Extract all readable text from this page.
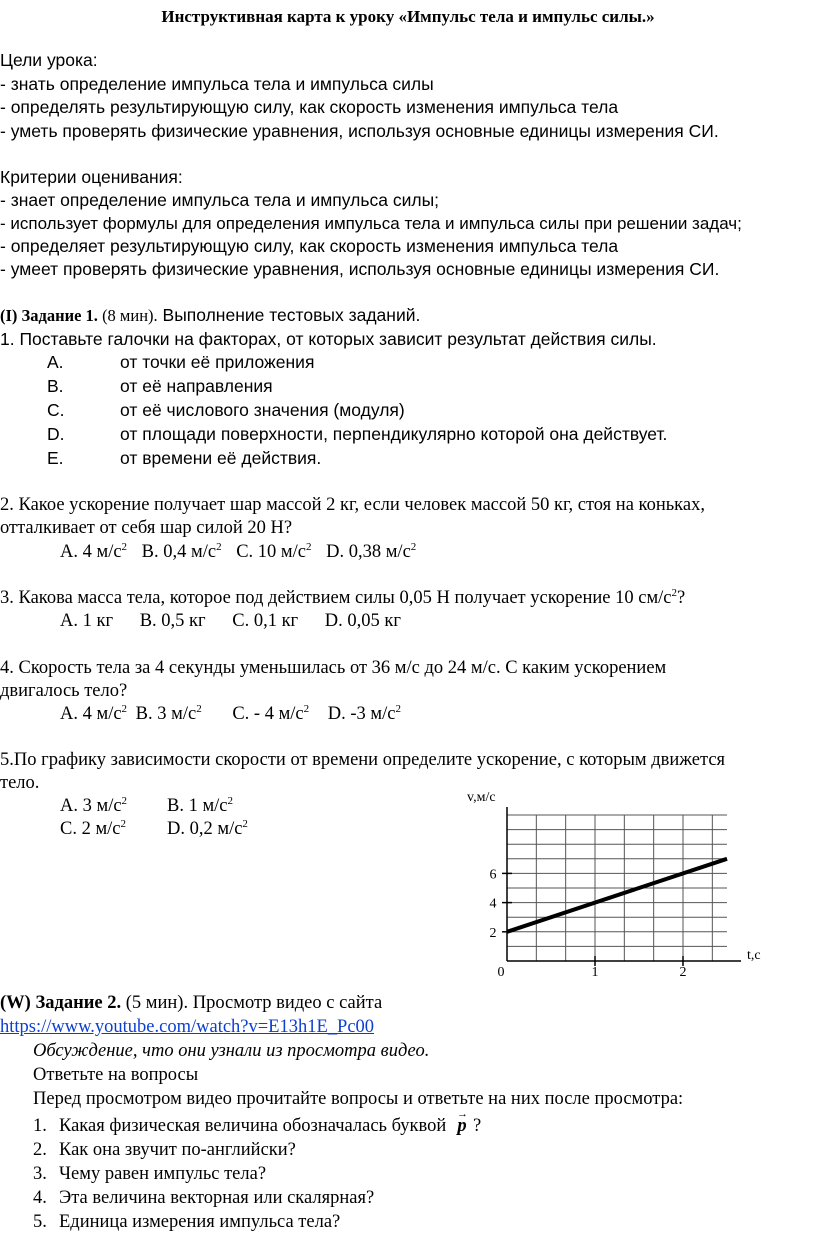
Инструктивная карта к уроку «Импульс тела и импульс силы.»
Цели урока:
- знать определение импульса тела и импульса силы
- определять результирующую силу, как скорость изменения импульса тела
- уметь проверять физические уравнения, используя основные единицы измерения СИ.
Критерии оценивания:
- знает определение импульса тела и импульса силы;
- использует формулы для определения импульса тела и импульса силы при решении задач;
- определяет результирующую силу, как скорость изменения импульса тела
- умеет проверять физические уравнения, используя основные единицы измерения СИ.
(I) Задание 1. (8 мин). Выполнение тестовых заданий.
1. Поставьте галочки на факторах, от которых зависит результат действия силы.
A.	от точки её приложения
B.	от её направления
C.	от её числового значения (модуля)
D.	от площади поверхности, перпендикулярно которой она действует.
E.	от времени её действия.
2. Какое ускорение получает шар массой 2 кг, если человек массой 50 кг, стоя на коньках,
отталкивает от себя шар силой 20 Н?
А. 4 $м/с^2$ В. 0,4 $м/с^2$ С. 10 $м/с^2$ D. 0,38 $м/с^2$
3. Какова масса тела, которое под действием силы 0,05 Н получает ускорение 10 $см/с^2$?
А. 1 кг В. 0,5 кг С. 0,1 кг D. 0,05 кг
4. Скорость тела за 4 секунды уменьшилась от 36 м/с до 24 м/с. С каким ускорением
двигалось тело?
А. 4 $м/с^2$ В. 3 $м/с^2$ С. - 4 $м/с^2$ D. -3 $м/с^2$
5.По графику зависимости скорости от времени определите ускорение, с которым движется
тело.
А. 3 $м/с^2$ В. 1 $м/с^2$
С. 2 $м/с^2$ D. 0,2 $м/с^2$
2
4
6
0	1	2
v,м/с
t,c
(W) Задание 2. (5 мин). Просмотр видео с сайта
https://www.youtube.com/watch?v=E13h1E_Pc00
Обсуждение, что они узнали из просмотра видео.
Ответьте на вопросы
Перед просмотром видео прочитайте вопросы и ответьте на них после просмотра:
1. Какая физическая величина обозначалась буквой
→
p ?
2. Как она звучит по-английски?
3. Чему равен импульс тела?
4. Эта величина векторная или скалярная?
5. Единица измерения импульса тела?
